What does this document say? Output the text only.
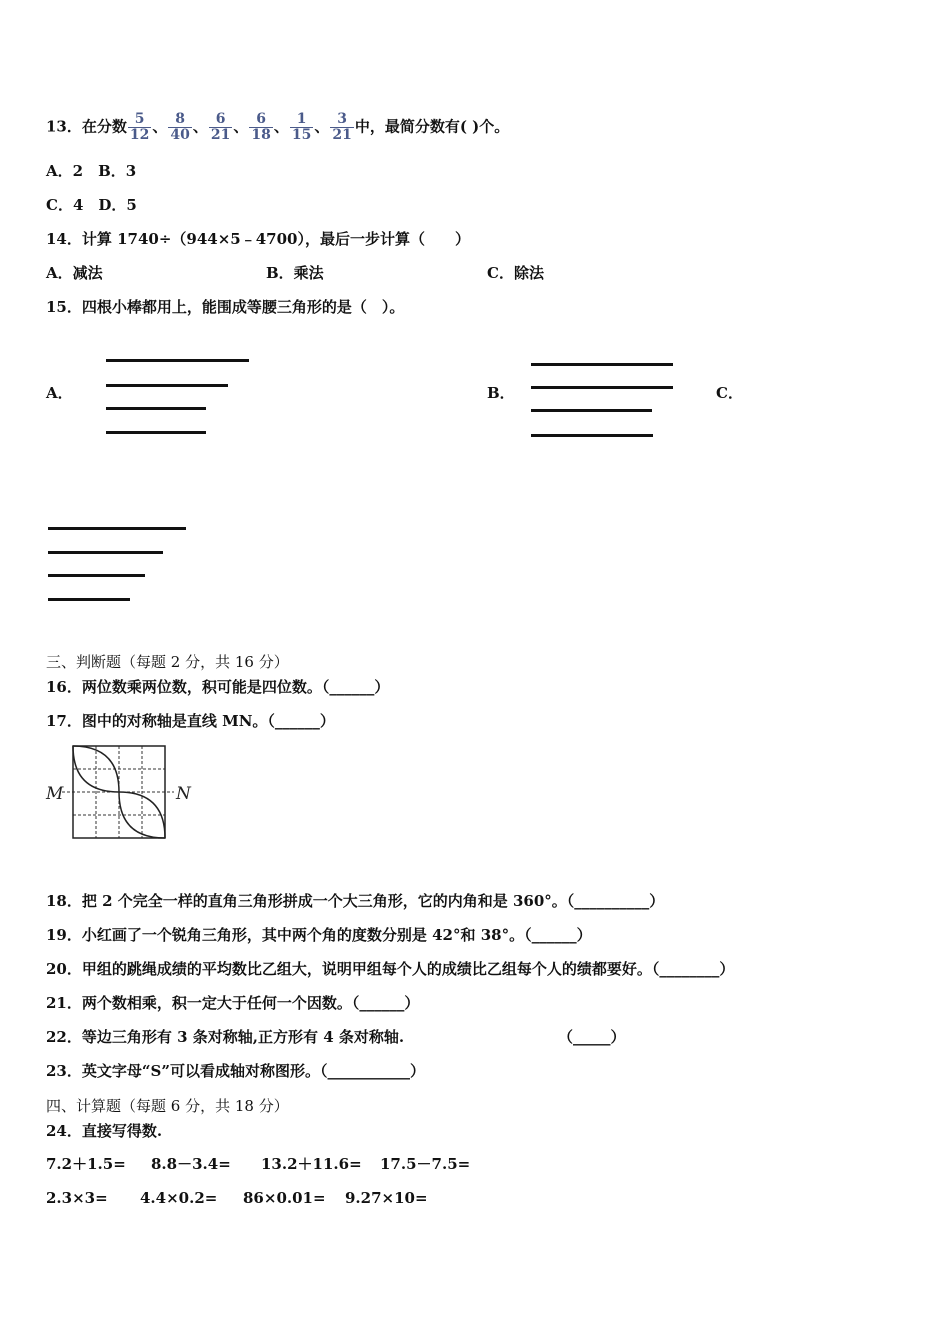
13．在分数 $\frac{5}{12}$ 、 $\frac{8}{40}$ 、 $\frac{6}{21}$ 、 $\frac{6}{18}$ 、 $\frac{1}{15}$ 、 $\frac{3}{21}$ 中，最简分数有( )个。
A．2　B．3
C．4　D．5
14．计算 1740÷（944×5﹣4700），最后一步计算（　　）
A．减法	B．乘法	C．除法
15．四根小棒都用上，能围成等腰三角形的是（　）。
A．	B．	C．
三、判断题（每题 2 分，共 16 分）
16．两位数乘两位数，积可能是四位数。（______）
17．图中的对称轴是直线 MN。（______）
M	N
18．把 2 个完全一样的直角三角形拼成一个大三角形，它的内角和是 360°。（__________）
19．小红画了一个锐角三角形，其中两个角的度数分别是 42°和 38°。（______）
20．甲组的跳绳成绩的平均数比乙组大，说明甲组每个人的成绩比乙组每个人的绩都要好。（________）
21．两个数相乘，积一定大于任何一个因数。（______）
22．等边三角形有 3 条对称轴,正方形有 4 条对称轴.	（_____）
23．英文字母“S”可以看成轴对称图形。（___________）
四、计算题（每题 6 分，共 18 分）
24．直接写得数.
7.2＋1.5= 8.8－3.4= 13.2＋11.6= 17.5－7.5=
2.3×3= 4.4×0.2= 86×0.01= 9.27×10=
